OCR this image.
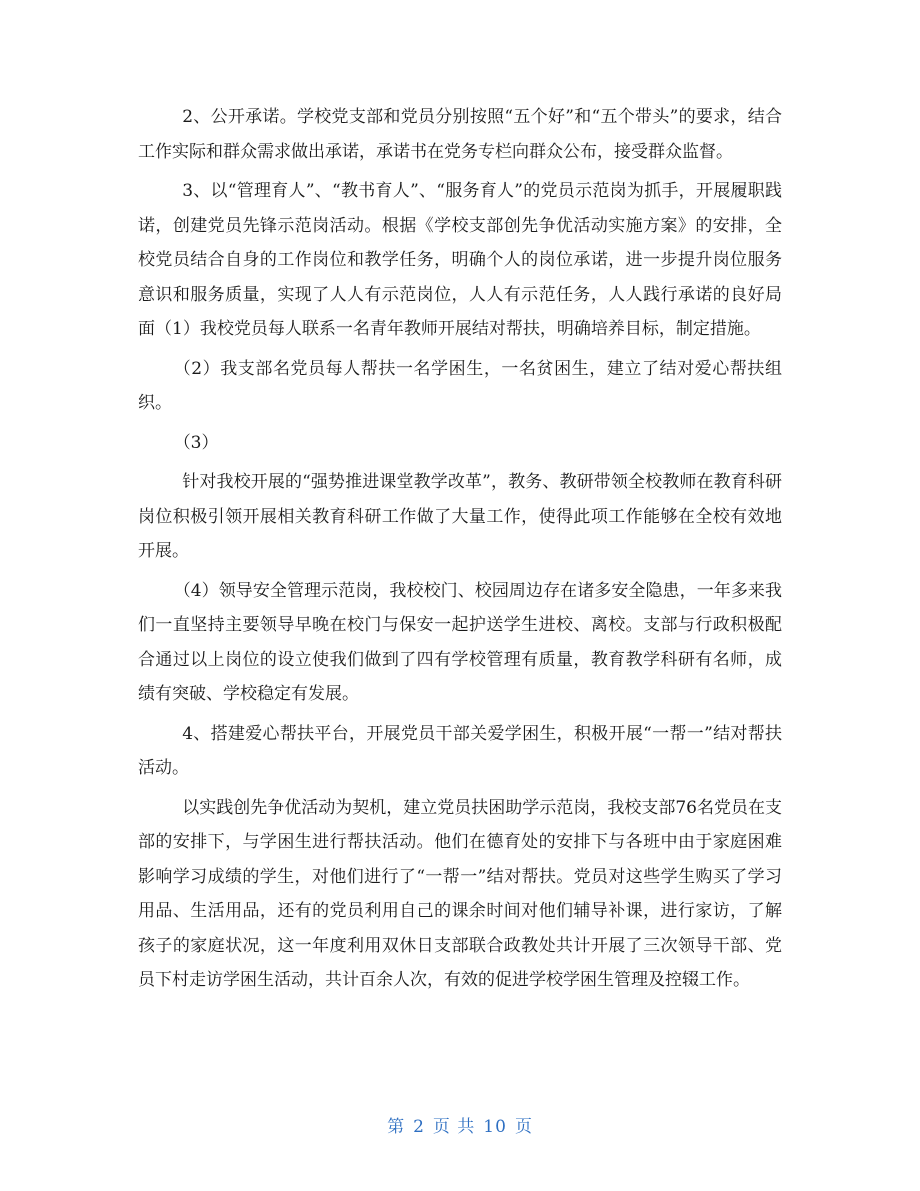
2、公开承诺。学校党支部和党员分别按照“五个好”和“五个带头”的要求，结合工作实际和群众需求做出承诺，承诺书在党务专栏向群众公布，接受群众监督。

3、以“管理育人”、“教书育人”、“服务育人”的党员示范岗为抓手，开展履职践诺，创建党员先锋示范岗活动。根据《学校支部创先争优活动实施方案》的安排，全校党员结合自身的工作岗位和教学任务，明确个人的岗位承诺，进一步提升岗位服务意识和服务质量，实现了人人有示范岗位，人人有示范任务，人人践行承诺的良好局面（1）我校党员每人联系一名青年教师开展结对帮扶，明确培养目标，制定措施。

（2）我支部名党员每人帮扶一名学困生，一名贫困生，建立了结对爱心帮扶组织。

（3）

针对我校开展的“强势推进课堂教学改革”，教务、教研带领全校教师在教育科研岗位积极引领开展相关教育科研工作做了大量工作，使得此项工作能够在全校有效地开展。

（4）领导安全管理示范岗，我校校门、校园周边存在诸多安全隐患，一年多来我们一直坚持主要领导早晚在校门与保安一起护送学生进校、离校。支部与行政积极配合通过以上岗位的设立使我们做到了四有学校管理有质量，教育教学科研有名师，成绩有突破、学校稳定有发展。

4、搭建爱心帮扶平台，开展党员干部关爱学困生，积极开展“一帮一”结对帮扶活动。

以实践创先争优活动为契机，建立党员扶困助学示范岗，我校支部76名党员在支部的安排下，与学困生进行帮扶活动。他们在德育处的安排下与各班中由于家庭困难影响学习成绩的学生，对他们进行了“一帮一”结对帮扶。党员对这些学生购买了学习用品、生活用品，还有的党员利用自己的课余时间对他们辅导补课，进行家访，了解孩子的家庭状况，这一年度利用双休日支部联合政教处共计开展了三次领导干部、党员下村走访学困生活动，共计百余人次，有效的促进学校学困生管理及控辍工作。

第 2 页 共 10 页
